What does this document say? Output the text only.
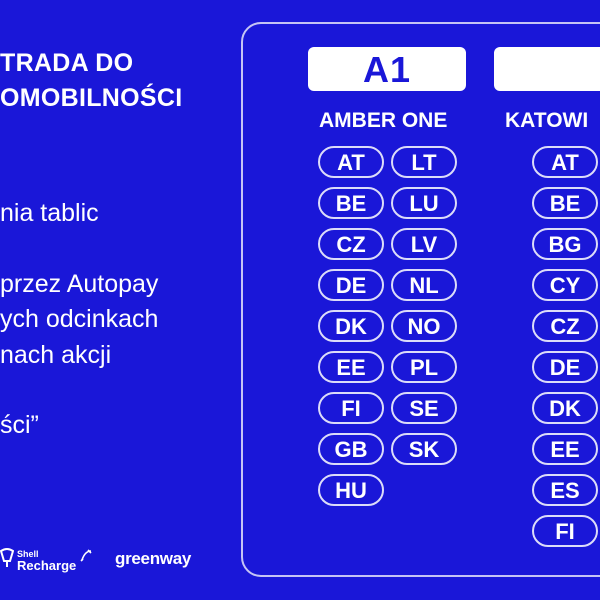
TRADA DO
OMOBILNOŚCI
nia tablic
przez Autopay
ych odcinkach
nach akcji
ści”
Shell
Recharge greenway
A1
AMBER ONE	KATOWI
AT
BE
CZ
DE
DK
EE
FI
GB
HU
LT
LU
LV
NL
NO
PL
SE
SK
AT
BE
BG
CY
CZ
DE
DK
EE
ES
FI
